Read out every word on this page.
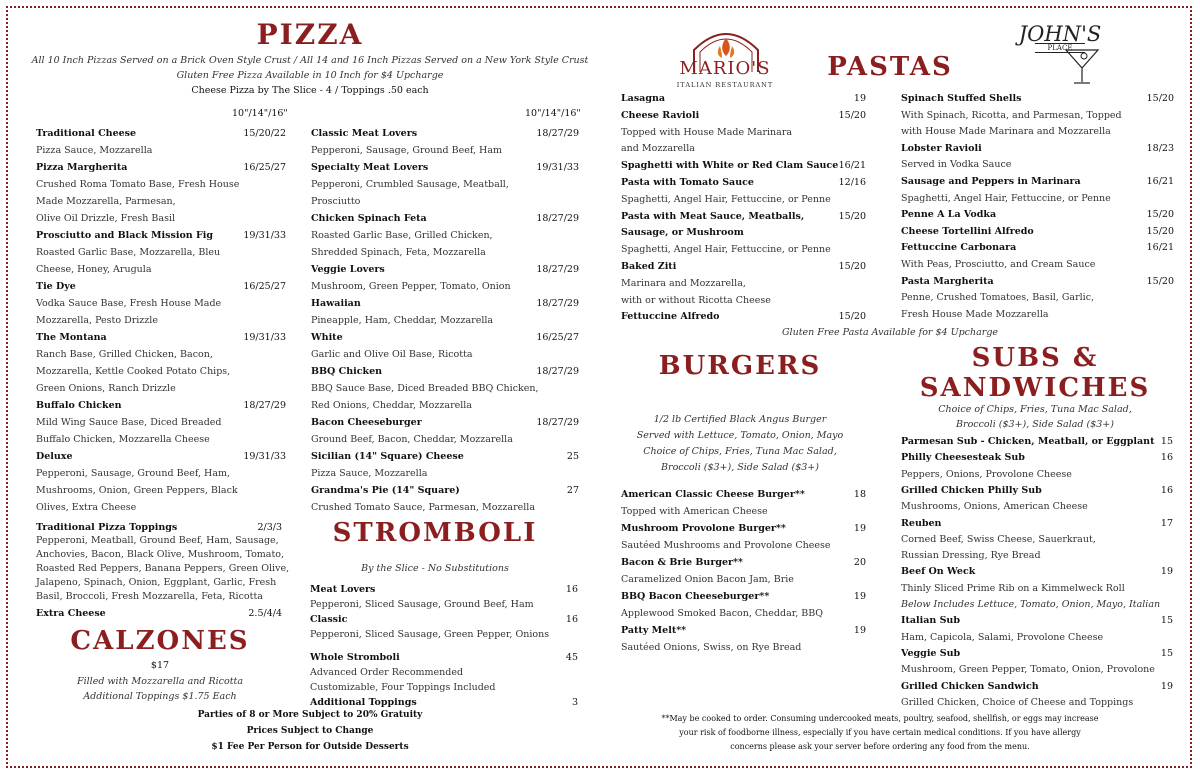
PIZZA
All 10 Inch Pizzas Served on a Brick Oven Style Crust / All 14 and 16 Inch Pizzas Served on a New York Style Crust
Gluten Free Pizza Available in 10 Inch for $4 Upcharge
Cheese Pizza by The Slice - 4 / Toppings .50 each
10"/14"/16"	10"/14"/16"
Traditional Cheese	15/20/22
Pizza Sauce, Mozzarella
Pizza Margherita	16/25/27
Crushed Roma Tomato Base, Fresh House
Made Mozzarella, Parmesan,
Olive Oil Drizzle, Fresh Basil
Prosciutto and Black Mission Fig	19/31/33
Roasted Garlic Base, Mozzarella, Bleu
Cheese, Honey, Arugula
Tie Dye	16/25/27
Vodka Sauce Base, Fresh House Made
Mozzarella, Pesto Drizzle
The Montana	19/31/33
Ranch Base, Grilled Chicken, Bacon,
Mozzarella, Kettle Cooked Potato Chips,
Green Onions, Ranch Drizzle
Buffalo Chicken	18/27/29
Mild Wing Sauce Base, Diced Breaded
Buffalo Chicken, Mozzarella Cheese
Deluxe	19/31/33
Pepperoni, Sausage, Ground Beef, Ham,
Mushrooms, Onion, Green Peppers, Black
Olives, Extra Cheese
Classic Meat Lovers	18/27/29
Pepperoni, Sausage, Ground Beef, Ham
Specialty Meat Lovers	19/31/33
Pepperoni, Crumbled Sausage, Meatball,
Prosciutto
Chicken Spinach Feta	18/27/29
Roasted Garlic Base, Grilled Chicken,
Shredded Spinach, Feta, Mozzarella
Veggie Lovers	18/27/29
Mushroom, Green Pepper, Tomato, Onion
Hawaiian	18/27/29
Pineapple, Ham, Cheddar, Mozzarella
White	16/25/27
Garlic and Olive Oil Base, Ricotta
BBQ Chicken	18/27/29
BBQ Sauce Base, Diced Breaded BBQ Chicken,
Red Onions, Cheddar, Mozzarella
Bacon Cheeseburger	18/27/29
Ground Beef, Bacon, Cheddar, Mozzarella
Sicilian (14" Square) Cheese	25
Pizza Sauce, Mozzarella
Grandma's Pie (14" Square)	27
Crushed Tomato Sauce, Parmesan, Mozzarella
Traditional Pizza Toppings	2/3/3
Pepperoni, Meatball, Ground Beef, Ham, Sausage,
Anchovies, Bacon, Black Olive, Mushroom, Tomato,
Roasted Red Peppers, Banana Peppers, Green Olive,
Jalapeno, Spinach, Onion, Eggplant, Garlic, Fresh
Basil, Broccoli, Fresh Mozzarella, Feta, Ricotta
Extra Cheese	2.5/4/4
CALZONES
$17
Filled with Mozzarella and Ricotta
Additional Toppings $1.75 Each
STROMBOLI
By the Slice - No Substitutions
Meat Lovers	16
Pepperoni, Sliced Sausage, Ground Beef, Ham
Classic	16
Pepperoni, Sliced Sausage, Green Pepper, Onions
Whole Stromboli	45
Advanced Order Recommended
Customizable, Four Toppings Included
Additional Toppings	3
Parties of 8 or More Subject to 20% Gratuity
Prices Subject to Change
$1 Fee Per Person for Outside Desserts
MARIO'S
ITALIAN RESTAURANT
JOHN'S
PLACE
PASTAS
Lasagna	19
Cheese Ravioli	15/20
Topped with House Made Marinara
and Mozzarella
Spaghetti with White or Red Clam Sauce 16/21
Pasta with Tomato Sauce	12/16
Spaghetti, Angel Hair, Fettuccine, or Penne
Pasta with Meat Sauce, Meatballs,	15/20
Sausage, or Mushroom
Spaghetti, Angel Hair, Fettuccine, or Penne
Baked Ziti	15/20
Marinara and Mozzarella,
with or without Ricotta Cheese
Fettuccine Alfredo	15/20
Spinach Stuffed Shells	15/20
With Spinach, Ricotta, and Parmesan, Topped
with House Made Marinara and Mozzarella
Lobster Ravioli	18/23
Served in Vodka Sauce
Sausage and Peppers in Marinara	16/21
Spaghetti, Angel Hair, Fettuccine, or Penne
Penne A La Vodka	15/20
Cheese Tortellini Alfredo	15/20
Fettuccine Carbonara	16/21
With Peas, Prosciutto, and Cream Sauce
Pasta Margherita	15/20
Penne, Crushed Tomatoes, Basil, Garlic,
Fresh House Made Mozzarella
Gluten Free Pasta Available for $4 Upcharge
BURGERS
1/2 lb Certified Black Angus Burger
Served with Lettuce, Tomato, Onion, Mayo
Choice of Chips, Fries, Tuna Mac Salad,
Broccoli ($3+), Side Salad ($3+)
American Classic Cheese Burger**	18
Topped with American Cheese
Mushroom Provolone Burger**	19
Sautéed Mushrooms and Provolone Cheese
Bacon & Brie Burger**	20
Caramelized Onion Bacon Jam, Brie
BBQ Bacon Cheeseburger**	19
Applewood Smoked Bacon, Cheddar, BBQ
Patty Melt**	19
Sautéed Onions, Swiss, on Rye Bread
SUBS &
SANDWICHES
Choice of Chips, Fries, Tuna Mac Salad,
Broccoli ($3+), Side Salad ($3+)
Parmesan Sub - Chicken, Meatball, or Eggplant 15
Philly Cheesesteak Sub	16
Peppers, Onions, Provolone Cheese
Grilled Chicken Philly Sub	16
Mushrooms, Onions, American Cheese
Reuben	17
Corned Beef, Swiss Cheese, Sauerkraut,
Russian Dressing, Rye Bread
Beef On Weck	19
Thinly Sliced Prime Rib on a Kimmelweck Roll
Below Includes Lettuce, Tomato, Onion, Mayo, Italian
Italian Sub	15
Ham, Capicola, Salami, Provolone Cheese
Veggie Sub	15
Mushroom, Green Pepper, Tomato, Onion, Provolone
Grilled Chicken Sandwich	19
Grilled Chicken, Choice of Cheese and Toppings
**May be cooked to order. Consuming undercooked meats, poultry, seafood, shellfish, or eggs may increase
your risk of foodborne illness, especially if you have certain medical conditions. If you have allergy
concerns please ask your server before ordering any food from the menu.
